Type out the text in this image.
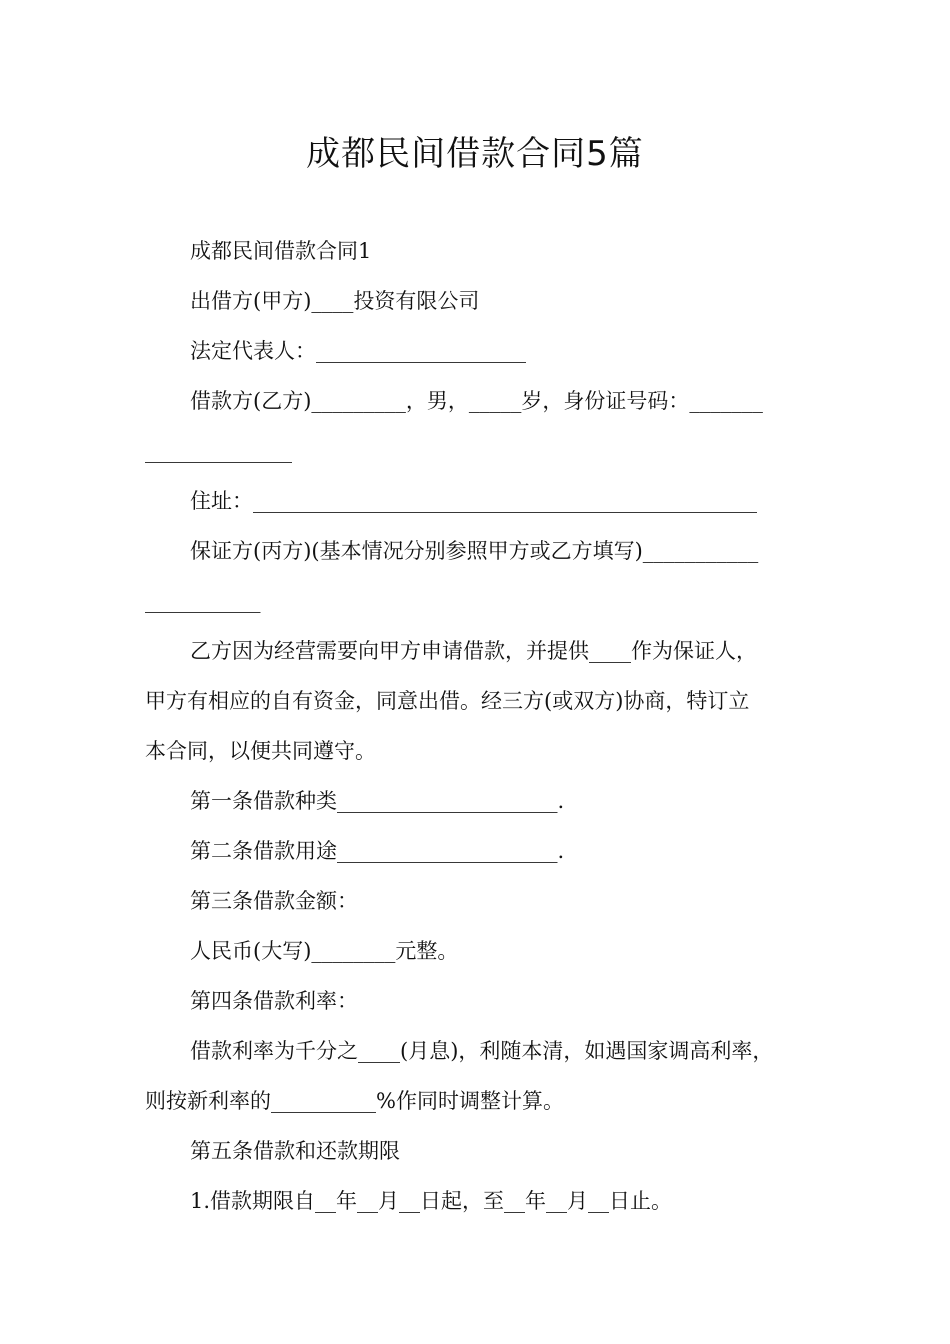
成都民间借款合同5篇
成都民间借款合同1
出借方(甲方)____投资有限公司
法定代表人：____________________
借款方(乙方)_________，男，_____岁，身份证号码：_______
______________
住址：________________________________________________
保证方(丙方)(基本情况分别参照甲方或乙方填写)___________
___________
乙方因为经营需要向甲方申请借款，并提供____作为保证人，
甲方有相应的自有资金，同意出借。经三方(或双方)协商，特订立
本合同，以便共同遵守。
第一条借款种类_____________________.
第二条借款用途_____________________.
第三条借款金额：
人民币(大写)________元整。
第四条借款利率：
借款利率为千分之____(月息)，利随本清，如遇国家调高利率，
则按新利率的__________%作同时调整计算。
第五条借款和还款期限
1.借款期限自__年__月__日起，至__年__月__日止。
